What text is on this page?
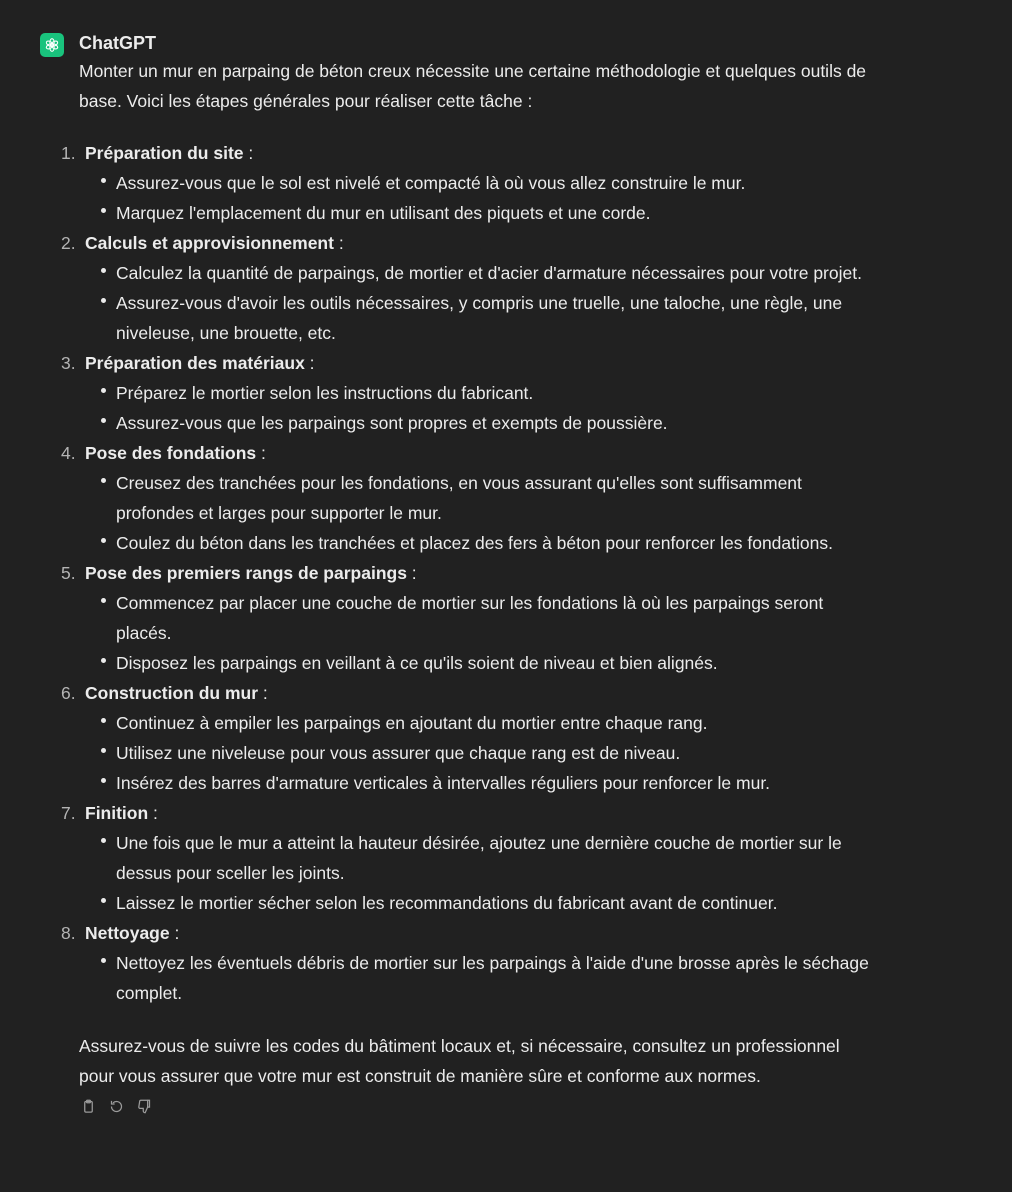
ChatGPT

Monter un mur en parpaing de béton creux nécessite une certaine méthodologie et quelques outils de base. Voici les étapes générales pour réaliser cette tâche :

Préparation du site :
Assurez-vous que le sol est nivelé et compacté là où vous allez construire le mur.
Marquez l'emplacement du mur en utilisant des piquets et une corde.
Calculs et approvisionnement :
Calculez la quantité de parpaings, de mortier et d'acier d'armature nécessaires pour votre projet.
Assurez-vous d'avoir les outils nécessaires, y compris une truelle, une taloche, une règle, une niveleuse, une brouette, etc.
Préparation des matériaux :
Préparez le mortier selon les instructions du fabricant.
Assurez-vous que les parpaings sont propres et exempts de poussière.
Pose des fondations :
Creusez des tranchées pour les fondations, en vous assurant qu'elles sont suffisamment profondes et larges pour supporter le mur.
Coulez du béton dans les tranchées et placez des fers à béton pour renforcer les fondations.
Pose des premiers rangs de parpaings :
Commencez par placer une couche de mortier sur les fondations là où les parpaings seront placés.
Disposez les parpaings en veillant à ce qu'ils soient de niveau et bien alignés.
Construction du mur :
Continuez à empiler les parpaings en ajoutant du mortier entre chaque rang.
Utilisez une niveleuse pour vous assurer que chaque rang est de niveau.
Insérez des barres d'armature verticales à intervalles réguliers pour renforcer le mur.
Finition :
Une fois que le mur a atteint la hauteur désirée, ajoutez une dernière couche de mortier sur le dessus pour sceller les joints.
Laissez le mortier sécher selon les recommandations du fabricant avant de continuer.
Nettoyage :
Nettoyez les éventuels débris de mortier sur les parpaings à l'aide d'une brosse après le séchage complet.

Assurez-vous de suivre les codes du bâtiment locaux et, si nécessaire, consultez un professionnel pour vous assurer que votre mur est construit de manière sûre et conforme aux normes.
